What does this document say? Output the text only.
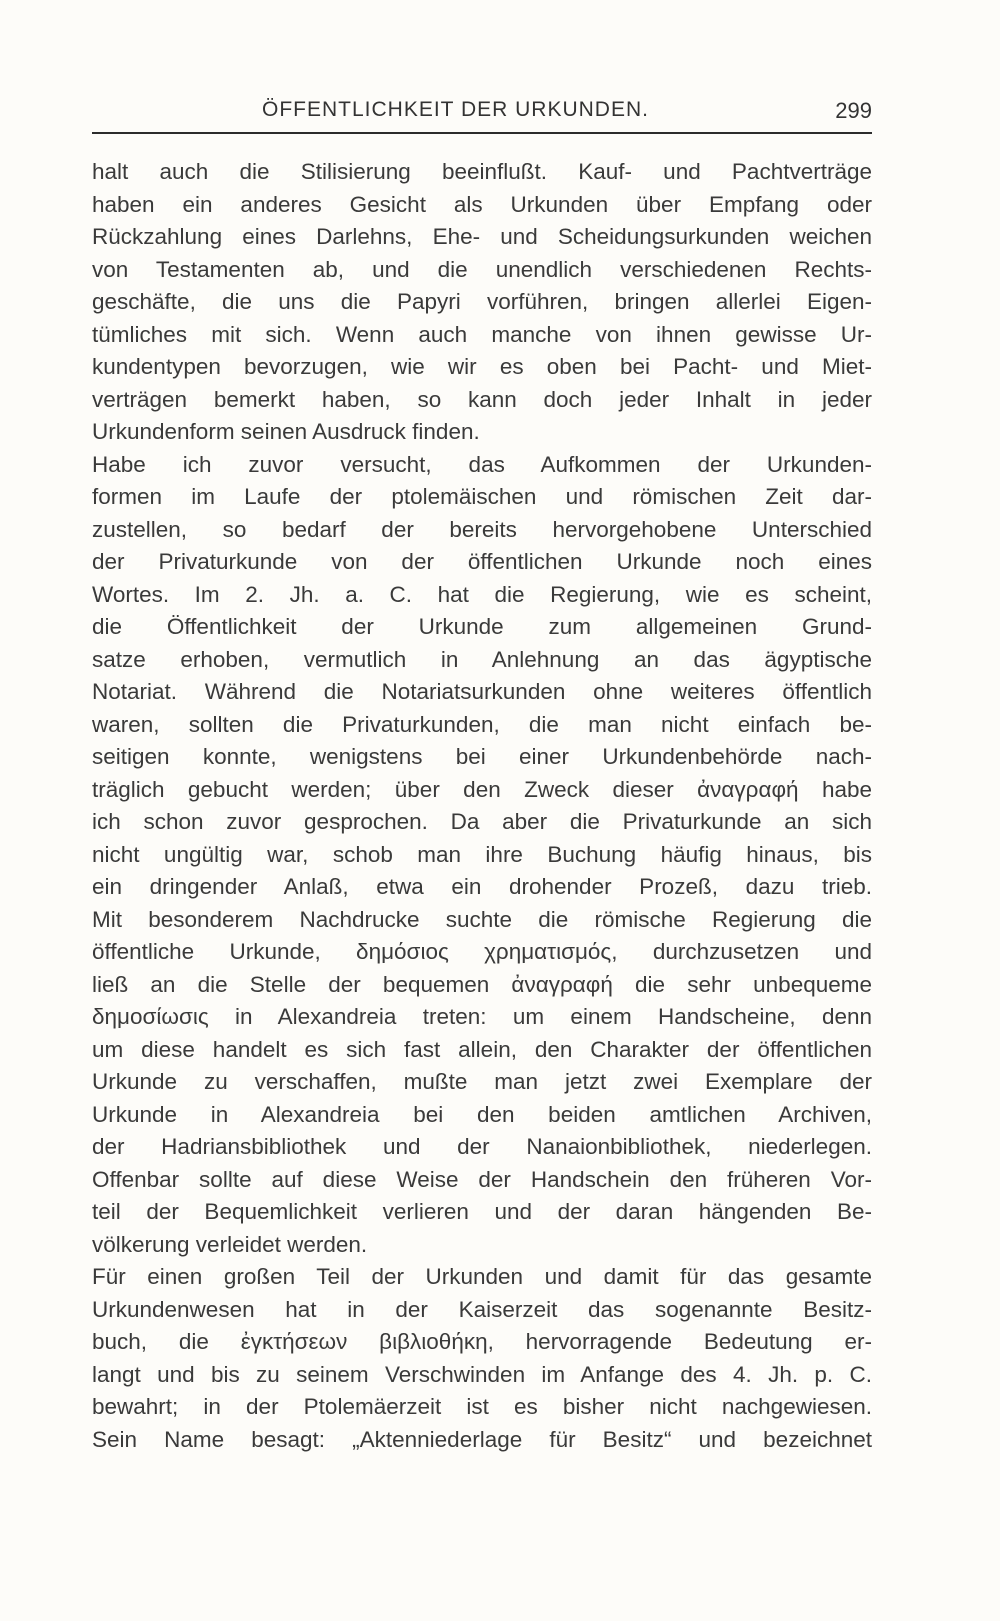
ÖFFENTLICHKEIT DER URKUNDEN.	299
halt auch die Stilisierung beeinflußt. Kauf- und Pachtverträge
haben ein anderes Gesicht als Urkunden über Empfang oder
Rückzahlung eines Darlehns, Ehe- und Scheidungsurkunden weichen
von Testamenten ab, und die unendlich verschiedenen Rechts-
geschäfte, die uns die Papyri vorführen, bringen allerlei Eigen-
tümliches mit sich. Wenn auch manche von ihnen gewisse Ur-
kundentypen bevorzugen, wie wir es oben bei Pacht- und Miet-
verträgen bemerkt haben, so kann doch jeder Inhalt in jeder
Urkundenform seinen Ausdruck finden.
Habe ich zuvor versucht, das Aufkommen der Urkunden-
formen im Laufe der ptolemäischen und römischen Zeit dar-
zustellen, so bedarf der bereits hervorgehobene Unterschied
der Privaturkunde von der öffentlichen Urkunde noch eines
Wortes. Im 2. Jh. a. C. hat die Regierung, wie es scheint,
die Öffentlichkeit der Urkunde zum allgemeinen Grund-
satze erhoben, vermutlich in Anlehnung an das ägyptische
Notariat. Während die Notariatsurkunden ohne weiteres öffentlich
waren, sollten die Privaturkunden, die man nicht einfach be-
seitigen konnte, wenigstens bei einer Urkundenbehörde nach-
träglich gebucht werden; über den Zweck dieser ἀναγραφή habe
ich schon zuvor gesprochen. Da aber die Privaturkunde an sich
nicht ungültig war, schob man ihre Buchung häufig hinaus, bis
ein dringender Anlaß, etwa ein drohender Prozeß, dazu trieb.
Mit besonderem Nachdrucke suchte die römische Regierung die
öffentliche Urkunde, δημόσιος χρηματισμός, durchzusetzen und
ließ an die Stelle der bequemen ἀναγραφή die sehr unbequeme
δημοσίωσις in Alexandreia treten: um einem Handscheine, denn
um diese handelt es sich fast allein, den Charakter der öffentlichen
Urkunde zu verschaffen, mußte man jetzt zwei Exemplare der
Urkunde in Alexandreia bei den beiden amtlichen Archiven,
der Hadriansbibliothek und der Nanaionbibliothek, niederlegen.
Offenbar sollte auf diese Weise der Handschein den früheren Vor-
teil der Bequemlichkeit verlieren und der daran hängenden Be-
völkerung verleidet werden.
Für einen großen Teil der Urkunden und damit für das gesamte
Urkundenwesen hat in der Kaiserzeit das sogenannte Besitz-
buch, die ἐγκτήσεων βιβλιοθήκη, hervorragende Bedeutung er-
langt und bis zu seinem Verschwinden im Anfange des 4. Jh. p. C.
bewahrt; in der Ptolemäerzeit ist es bisher nicht nachgewiesen.
Sein Name besagt: „Aktenniederlage für Besitz“ und bezeichnet
